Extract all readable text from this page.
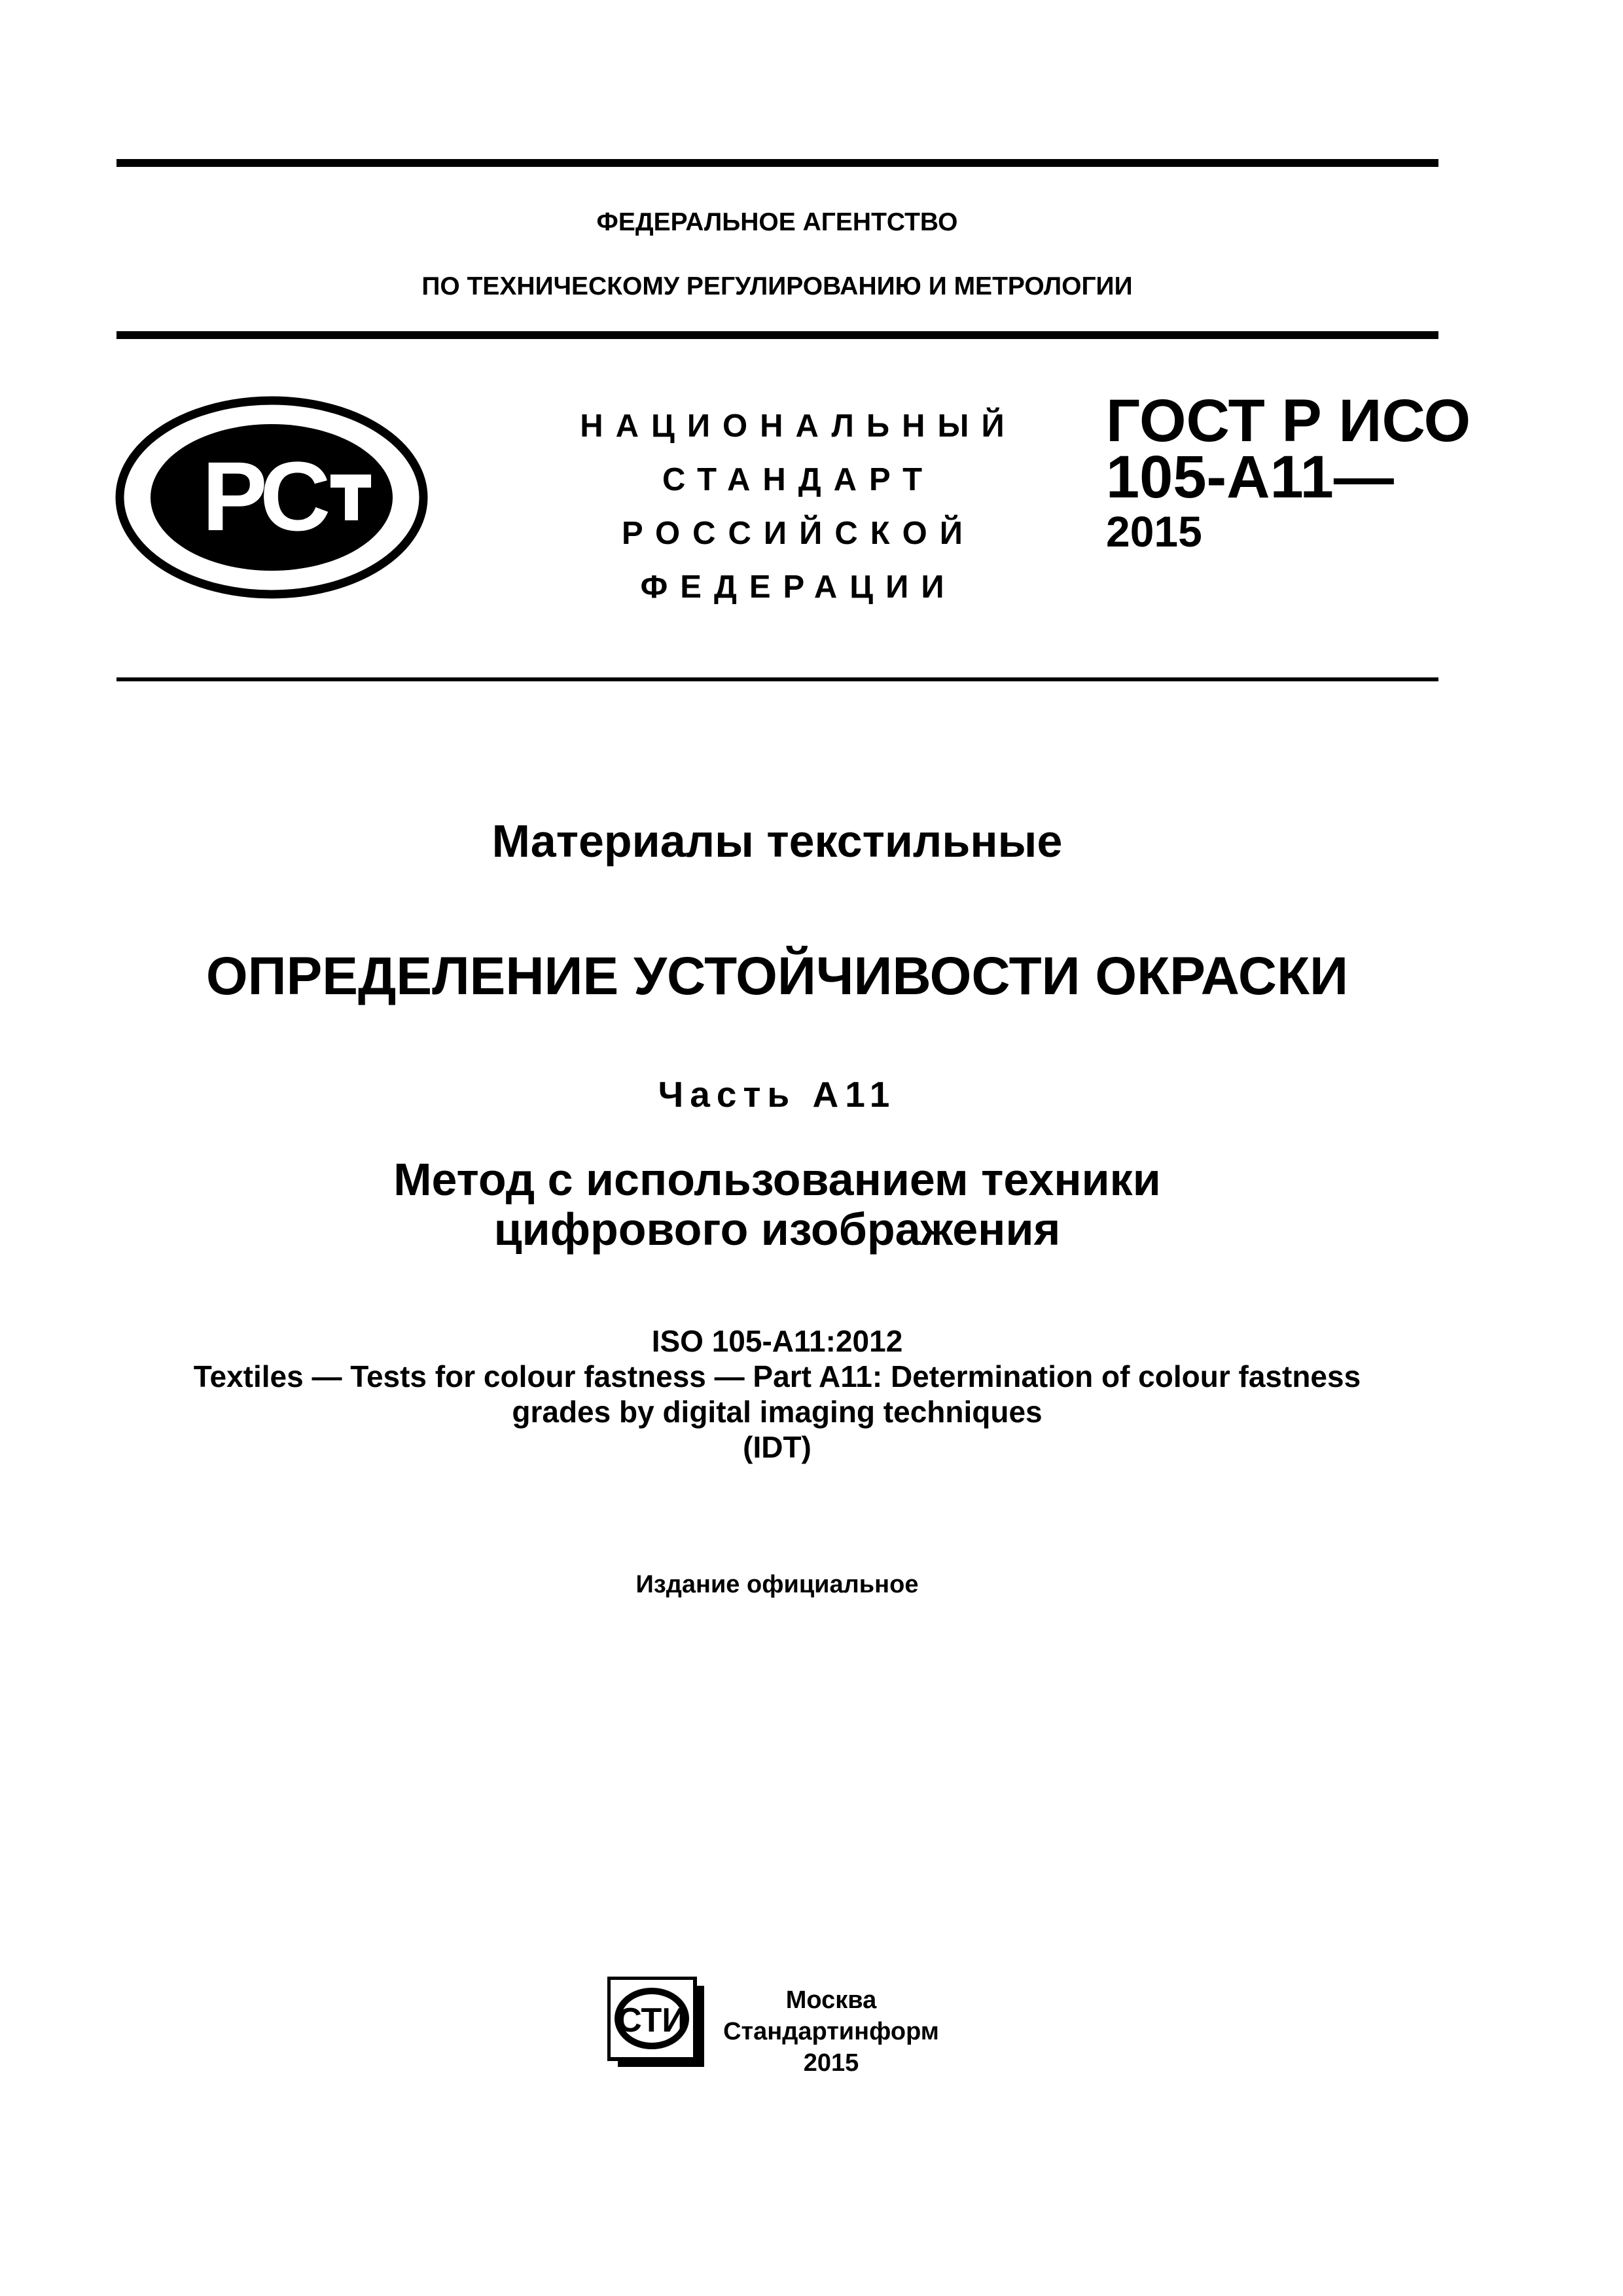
ФЕДЕРАЛЬНОЕ АГЕНТСТВО
ПО ТЕХНИЧЕСКОМУ РЕГУЛИРОВАНИЮ И МЕТРОЛОГИИ
РС
НАЦИОНАЛЬНЫЙ
СТАНДАРТ
РОССИЙСКОЙ
ФЕДЕРАЦИИ
ГОСТ Р ИСО
105-A11—
2015
Материалы текстильные
ОПРЕДЕЛЕНИЕ УСТОЙЧИВОСТИ ОКРАСКИ
Часть A11
Метод с использованием техники
цифрового изображения
ISO 105-A11:2012
Textiles — Tests for colour fastness — Part A11: Determination of colour fastness
grades by digital imaging techniques
(IDT)
Издание официальное
СТИ
Москва
Стандартинформ
2015
